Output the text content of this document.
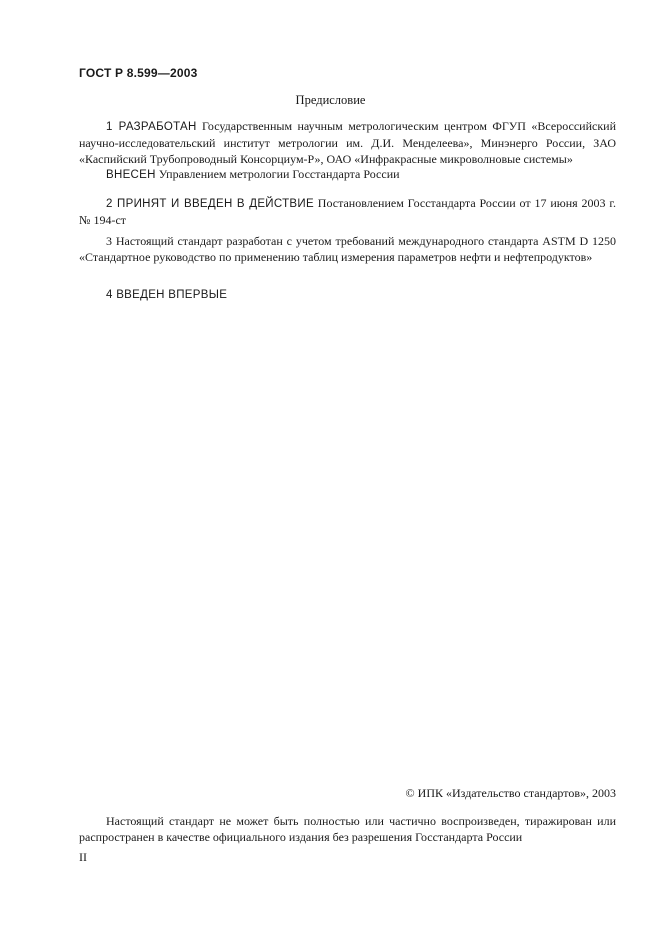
ГОСТ Р 8.599—2003
Предисловие

1 РАЗРАБОТАН Государственным научным метрологическим центром ФГУП «Всероссийский научно-исследовательский институт метрологии им. Д.И. Менделеева», Минэнерго России, ЗАО «Каспийский Трубопроводный Консорциум-Р», ОАО «Инфракрасные микроволновые системы»

ВНЕСЕН Управлением метрологии Госстандарта России

2 ПРИНЯТ И ВВЕДЕН В ДЕЙСТВИЕ Постановлением Госстандарта России от 17 июня 2003 г. № 194-ст

3 Настоящий стандарт разработан с учетом требований международного стандарта ASTM D 1250 «Стандартное руководство по применению таблиц измерения параметров нефти и нефтепродуктов»

4 ВВЕДЕН ВПЕРВЫЕ

© ИПК «Издательство стандартов», 2003

Настоящий стандарт не может быть полностью или частично воспроизведен, тиражирован или распространен в качестве официального издания без разрешения Госстандарта России

II
